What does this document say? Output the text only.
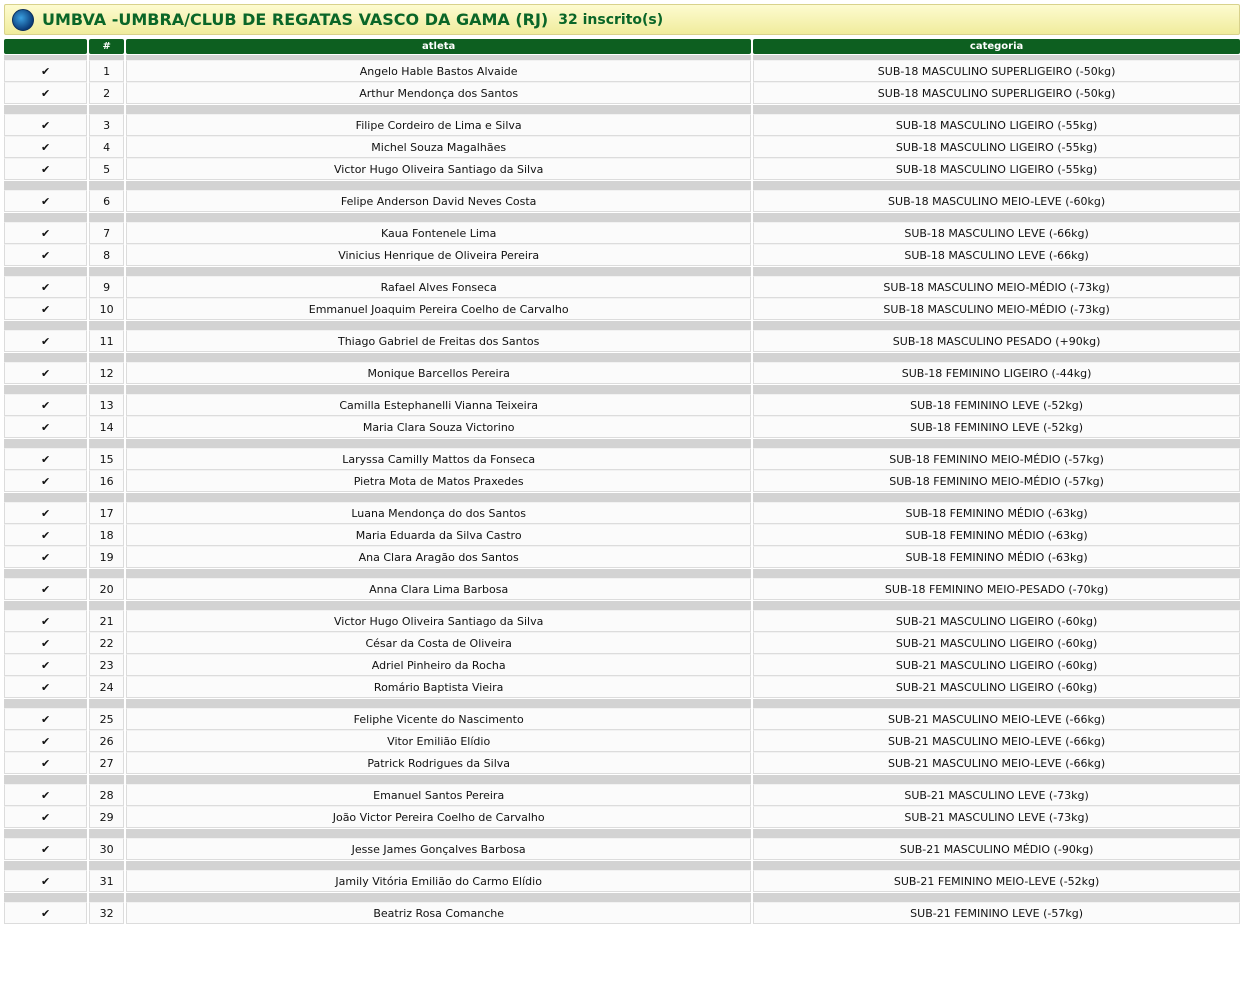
UMBVA -UMBRA/CLUB DE REGATAS VASCO DA GAMA (RJ) 32 inscrito(s)
	#	atleta	categoria

✔	1	Angelo Hable Bastos Alvaide	SUB-18 MASCULINO SUPERLIGEIRO (-50kg)
✔	2	Arthur Mendonça dos Santos	SUB-18 MASCULINO SUPERLIGEIRO (-50kg)

✔	3	Filipe Cordeiro de Lima e Silva	SUB-18 MASCULINO LIGEIRO (-55kg)
✔	4	Michel Souza Magalhães	SUB-18 MASCULINO LIGEIRO (-55kg)
✔	5	Victor Hugo Oliveira Santiago da Silva	SUB-18 MASCULINO LIGEIRO (-55kg)

✔	6	Felipe Anderson David Neves Costa	SUB-18 MASCULINO MEIO-LEVE (-60kg)

✔	7	Kaua Fontenele Lima	SUB-18 MASCULINO LEVE (-66kg)
✔	8	Vinicius Henrique de Oliveira Pereira	SUB-18 MASCULINO LEVE (-66kg)

✔	9	Rafael Alves Fonseca	SUB-18 MASCULINO MEIO-MÉDIO (-73kg)
✔	10	Emmanuel Joaquim Pereira Coelho de Carvalho	SUB-18 MASCULINO MEIO-MÉDIO (-73kg)

✔	11	Thiago Gabriel de Freitas dos Santos	SUB-18 MASCULINO PESADO (+90kg)

✔	12	Monique Barcellos Pereira	SUB-18 FEMININO LIGEIRO (-44kg)

✔	13	Camilla Estephanelli Vianna Teixeira	SUB-18 FEMININO LEVE (-52kg)
✔	14	Maria Clara Souza Victorino	SUB-18 FEMININO LEVE (-52kg)

✔	15	Laryssa Camilly Mattos da Fonseca	SUB-18 FEMININO MEIO-MÉDIO (-57kg)
✔	16	Pietra Mota de Matos Praxedes	SUB-18 FEMININO MEIO-MÉDIO (-57kg)

✔	17	Luana Mendonça do dos Santos	SUB-18 FEMININO MÉDIO (-63kg)
✔	18	Maria Eduarda da Silva Castro	SUB-18 FEMININO MÉDIO (-63kg)
✔	19	Ana Clara Aragão dos Santos	SUB-18 FEMININO MÉDIO (-63kg)

✔	20	Anna Clara Lima Barbosa	SUB-18 FEMININO MEIO-PESADO (-70kg)

✔	21	Victor Hugo Oliveira Santiago da Silva	SUB-21 MASCULINO LIGEIRO (-60kg)
✔	22	César da Costa de Oliveira	SUB-21 MASCULINO LIGEIRO (-60kg)
✔	23	Adriel Pinheiro da Rocha	SUB-21 MASCULINO LIGEIRO (-60kg)
✔	24	Romário Baptista Vieira	SUB-21 MASCULINO LIGEIRO (-60kg)

✔	25	Feliphe Vicente do Nascimento	SUB-21 MASCULINO MEIO-LEVE (-66kg)
✔	26	Vitor Emilião Elídio	SUB-21 MASCULINO MEIO-LEVE (-66kg)
✔	27	Patrick Rodrigues da Silva	SUB-21 MASCULINO MEIO-LEVE (-66kg)

✔	28	Emanuel Santos Pereira	SUB-21 MASCULINO LEVE (-73kg)
✔	29	João Victor Pereira Coelho de Carvalho	SUB-21 MASCULINO LEVE (-73kg)

✔	30	Jesse James Gonçalves Barbosa	SUB-21 MASCULINO MÉDIO (-90kg)

✔	31	Jamily Vitória Emilião do Carmo Elídio	SUB-21 FEMININO MEIO-LEVE (-52kg)

✔	32	Beatriz Rosa Comanche	SUB-21 FEMININO LEVE (-57kg)
